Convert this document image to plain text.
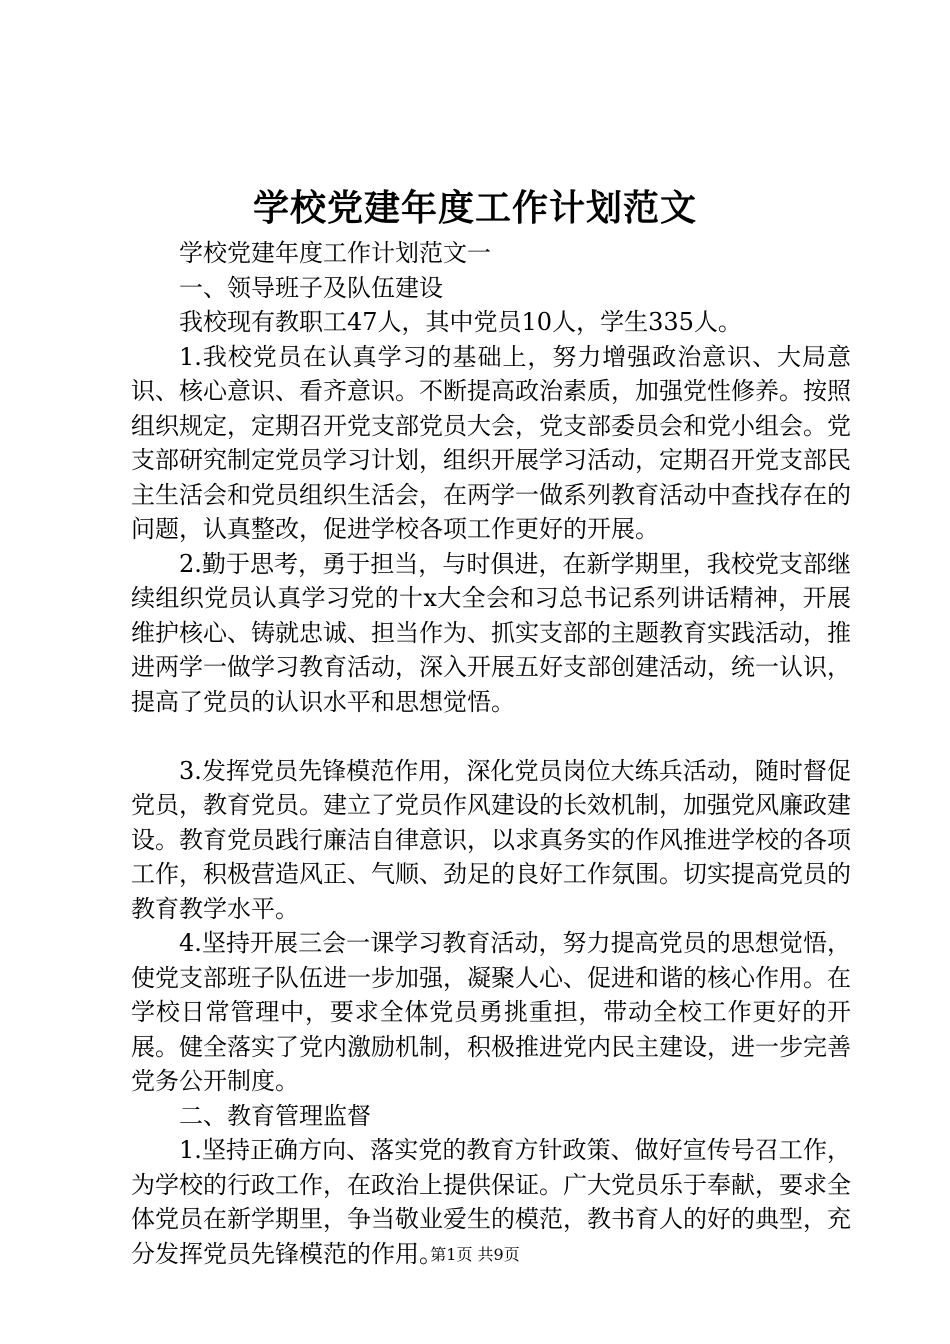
学校党建年度工作计划范文

学校党建年度工作计划范文一

一、领导班子及队伍建设

我校现有教职工47人，其中党员10人，学生335人。

1.我校党员在认真学习的基础上，努力增强政治意识、大局意识、核心意识、看齐意识。不断提高政治素质，加强党性修养。按照组织规定，定期召开党支部党员大会，党支部委员会和党小组会。党支部研究制定党员学习计划，组织开展学习活动，定期召开党支部民主生活会和党员组织生活会，在两学一做系列教育活动中查找存在的问题，认真整改，促进学校各项工作更好的开展。

2.勤于思考，勇于担当，与时俱进，在新学期里，我校党支部继续组织党员认真学习党的十x大全会和习总书记系列讲话精神，开展维护核心、铸就忠诚、担当作为、抓实支部的主题教育实践活动，推进两学一做学习教育活动，深入开展五好支部创建活动，统一认识，提高了党员的认识水平和思想觉悟。

3.发挥党员先锋模范作用，深化党员岗位大练兵活动，随时督促党员，教育党员。建立了党员作风建设的长效机制，加强党风廉政建设。教育党员践行廉洁自律意识，以求真务实的作风推进学校的各项工作，积极营造风正、气顺、劲足的良好工作氛围。切实提高党员的教育教学水平。

4.坚持开展三会一课学习教育活动，努力提高党员的思想觉悟，使党支部班子队伍进一步加强，凝聚人心、促进和谐的核心作用。在学校日常管理中，要求全体党员勇挑重担，带动全校工作更好的开展。健全落实了党内激励机制，积极推进党内民主建设，进一步完善党务公开制度。

二、教育管理监督

1.坚持正确方向、落实党的教育方针政策、做好宣传号召工作，为学校的行政工作，在政治上提供保证。广大党员乐于奉献，要求全体党员在新学期里，争当敬业爱生的模范，教书育人的好的典型，充分发挥党员先锋模范的作用。

第1页 共9页
